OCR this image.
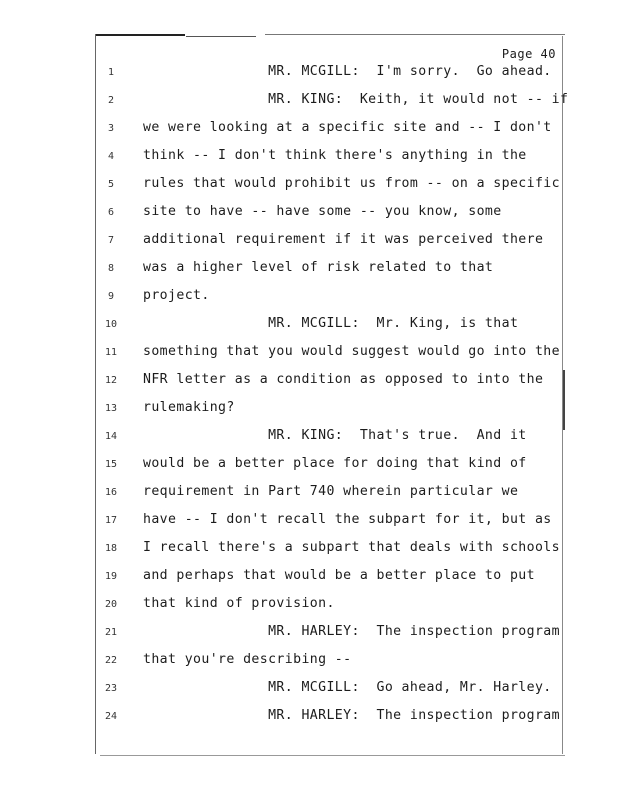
Page 40
1	MR. MCGILL:  I'm sorry.  Go ahead.
2	MR. KING:  Keith, it would not -- if
3	we were looking at a specific site and -- I don't
4	think -- I don't think there's anything in the
5	rules that would prohibit us from -- on a specific
6	site to have -- have some -- you know, some
7	additional requirement if it was perceived there
8	was a higher level of risk related to that
9	project.
10	MR. MCGILL:  Mr. King, is that
11	something that you would suggest would go into the
12	NFR letter as a condition as opposed to into the
13	rulemaking?
14	MR. KING:  That's true.  And it
15	would be a better place for doing that kind of
16	requirement in Part 740 wherein particular we
17	have -- I don't recall the subpart for it, but as
18	I recall there's a subpart that deals with schools
19	and perhaps that would be a better place to put
20	that kind of provision.
21	MR. HARLEY:  The inspection program
22	that you're describing --
23	MR. MCGILL:  Go ahead, Mr. Harley.
24	MR. HARLEY:  The inspection program
